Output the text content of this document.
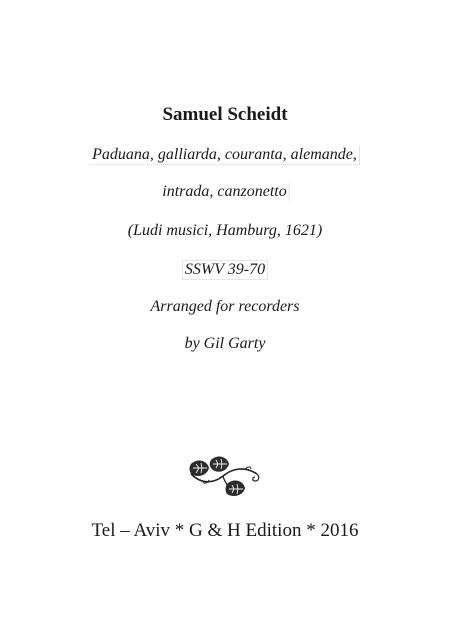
Samuel Scheidt
Paduana, galliarda, couranta, alemande,
intrada, canzonetto
(Ludi musici, Hamburg, 1621)
SSWV 39-70
Arranged for recorders
by Gil Garty
Tel – Aviv * G & H Edition * 2016
